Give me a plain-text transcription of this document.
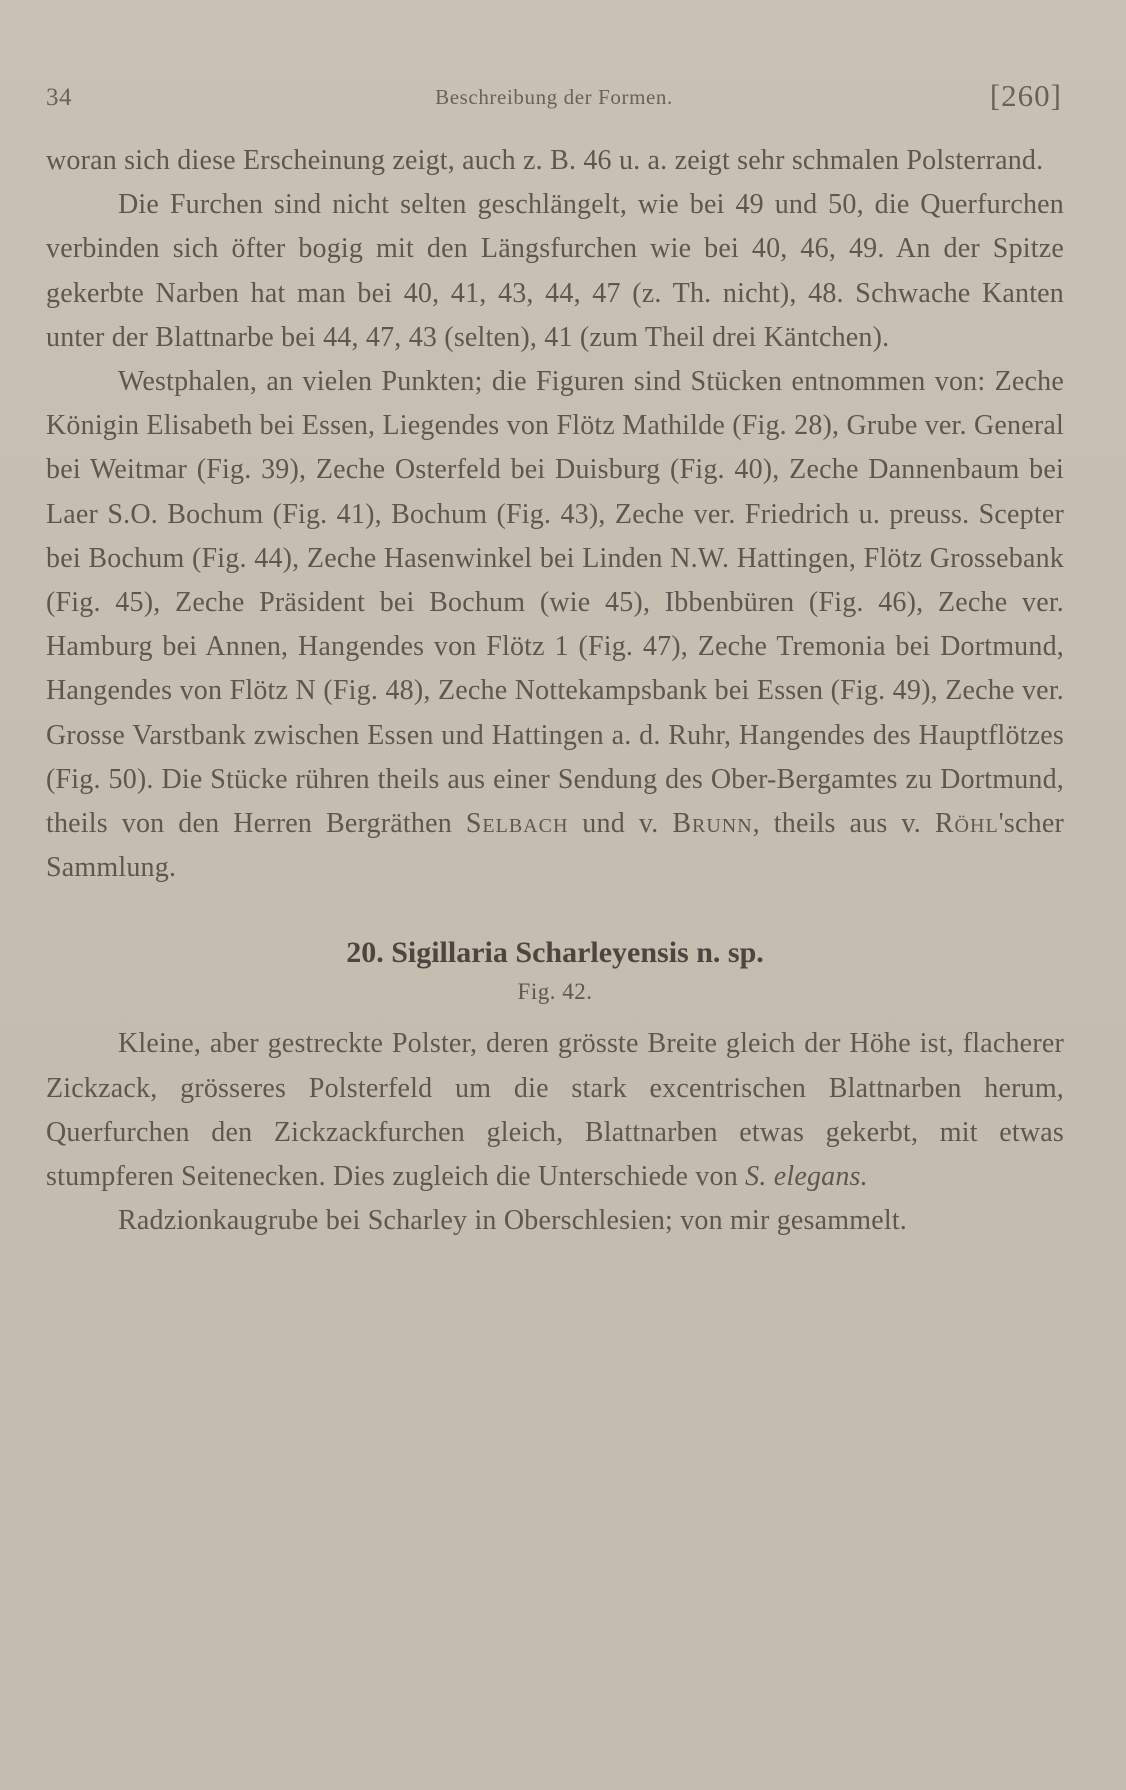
34	Beschreibung der Formen.	[260]

woran sich diese Erscheinung zeigt, auch z. B. 46 u. a. zeigt sehr schmalen Polsterrand.

Die Furchen sind nicht selten geschlängelt, wie bei 49 und 50, die Querfurchen verbinden sich öfter bogig mit den Längsfurchen wie bei 40, 46, 49. An der Spitze gekerbte Narben hat man bei 40, 41, 43, 44, 47 (z. Th. nicht), 48. Schwache Kanten unter der Blattnarbe bei 44, 47, 43 (selten), 41 (zum Theil drei Käntchen).

Westphalen, an vielen Punkten; die Figuren sind Stücken entnommen von: Zeche Königin Elisabeth bei Essen, Liegendes von Flötz Mathilde (Fig. 28), Grube ver. General bei Weitmar (Fig. 39), Zeche Osterfeld bei Duisburg (Fig. 40), Zeche Dannenbaum bei Laer S.O. Bochum (Fig. 41), Bochum (Fig. 43), Zeche ver. Friedrich u. preuss. Scepter bei Bochum (Fig. 44), Zeche Hasenwinkel bei Linden N.W. Hattingen, Flötz Grossebank (Fig. 45), Zeche Präsident bei Bochum (wie 45), Ibbenbüren (Fig. 46), Zeche ver. Hamburg bei Annen, Hangendes von Flötz 1 (Fig. 47), Zeche Tremonia bei Dortmund, Hangendes von Flötz N (Fig. 48), Zeche Nottekampsbank bei Essen (Fig. 49), Zeche ver. Grosse Varstbank zwischen Essen und Hattingen a. d. Ruhr, Hangendes des Hauptflötzes (Fig. 50). Die Stücke rühren theils aus einer Sendung des Ober-Bergamtes zu Dortmund, theils von den Herren Bergräthen Selbach und v. Brunn, theils aus v. Röhl'scher Sammlung.

20. Sigillaria Scharleyensis n. sp.
Fig. 42.

Kleine, aber gestreckte Polster, deren grösste Breite gleich der Höhe ist, flacherer Zickzack, grösseres Polsterfeld um die stark excentrischen Blattnarben herum, Querfurchen den Zickzackfurchen gleich, Blattnarben etwas gekerbt, mit etwas stumpferen Seitenecken. Dies zugleich die Unterschiede von S. elegans.

Radzionkaugrube bei Scharley in Oberschlesien; von mir gesammelt.
